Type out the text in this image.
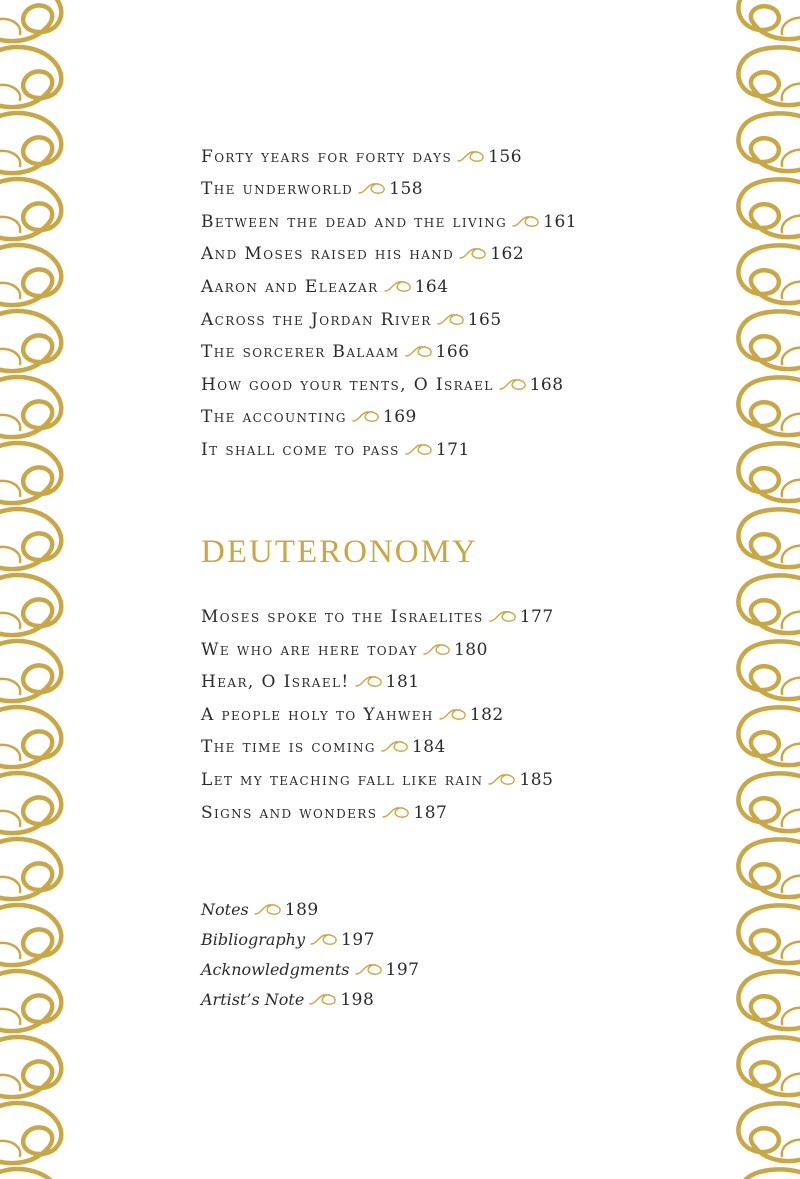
Forty years for forty days 156
The underworld 158
Between the dead and the living 161
And Moses raised his hand 162
Aaron and Eleazar 164
Across the Jordan River 165
The sorcerer Balaam 166
How good your tents, O Israel 168
The accounting 169
It shall come to pass 171
DEUTERONOMY
Moses spoke to the Israelites 177
We who are here today 180
Hear, O Israel! 181
A people holy to Yahweh 182
The time is coming 184
Let my teaching fall like rain 185
Signs and wonders 187
Notes 189
Bibliography 197
Acknowledgments 197
Artist’s Note 198
